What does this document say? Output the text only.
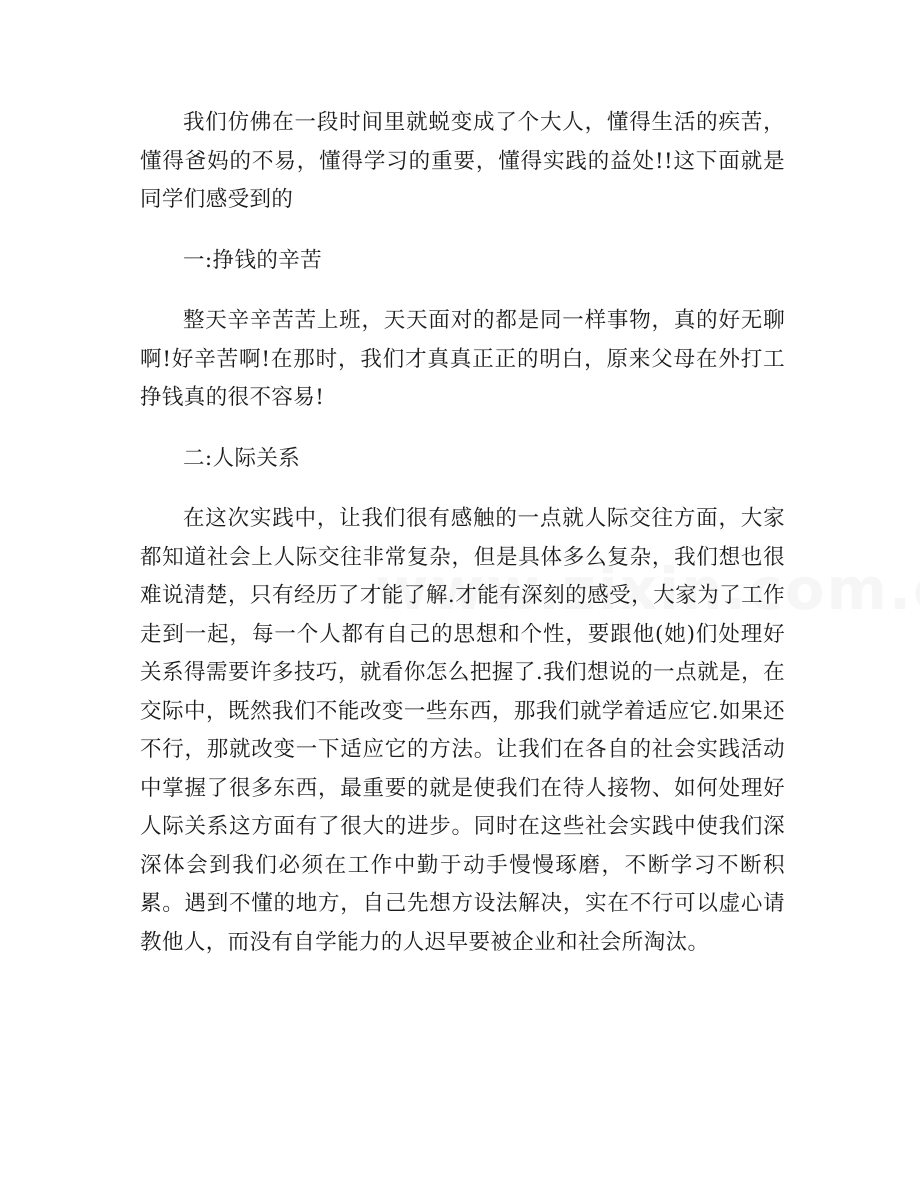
我们仿佛在一段时间里就蜕变成了个大人，懂得生活的疾苦，懂得爸妈的不易，懂得学习的重要，懂得实践的益处!!这下面就是同学们感受到的

一:挣钱的辛苦

整天辛辛苦苦上班，天天面对的都是同一样事物，真的好无聊啊!好辛苦啊!在那时，我们才真真正正的明白，原来父母在外打工挣钱真的很不容易!

二:人际关系

在这次实践中，让我们很有感触的一点就人际交往方面，大家都知道社会上人际交往非常复杂，但是具体多么复杂，我们想也很难说清楚，只有经历了才能了解.才能有深刻的感受，大家为了工作走到一起，每一个人都有自己的思想和个性，要跟他(她)们处理好关系得需要许多技巧，就看你怎么把握了.我们想说的一点就是，在交际中，既然我们不能改变一些东西，那我们就学着适应它.如果还不行，那就改变一下适应它的方法。让我们在各自的社会实践活动中掌握了很多东西，最重要的就是使我们在待人接物、如何处理好人际关系这方面有了很大的进步。同时在这些社会实践中使我们深深体会到我们必须在工作中勤于动手慢慢琢磨，不断学习不断积累。遇到不懂的地方，自己先想方设法解决，实在不行可以虚心请教他人，而没有自学能力的人迟早要被企业和社会所淘汰。
